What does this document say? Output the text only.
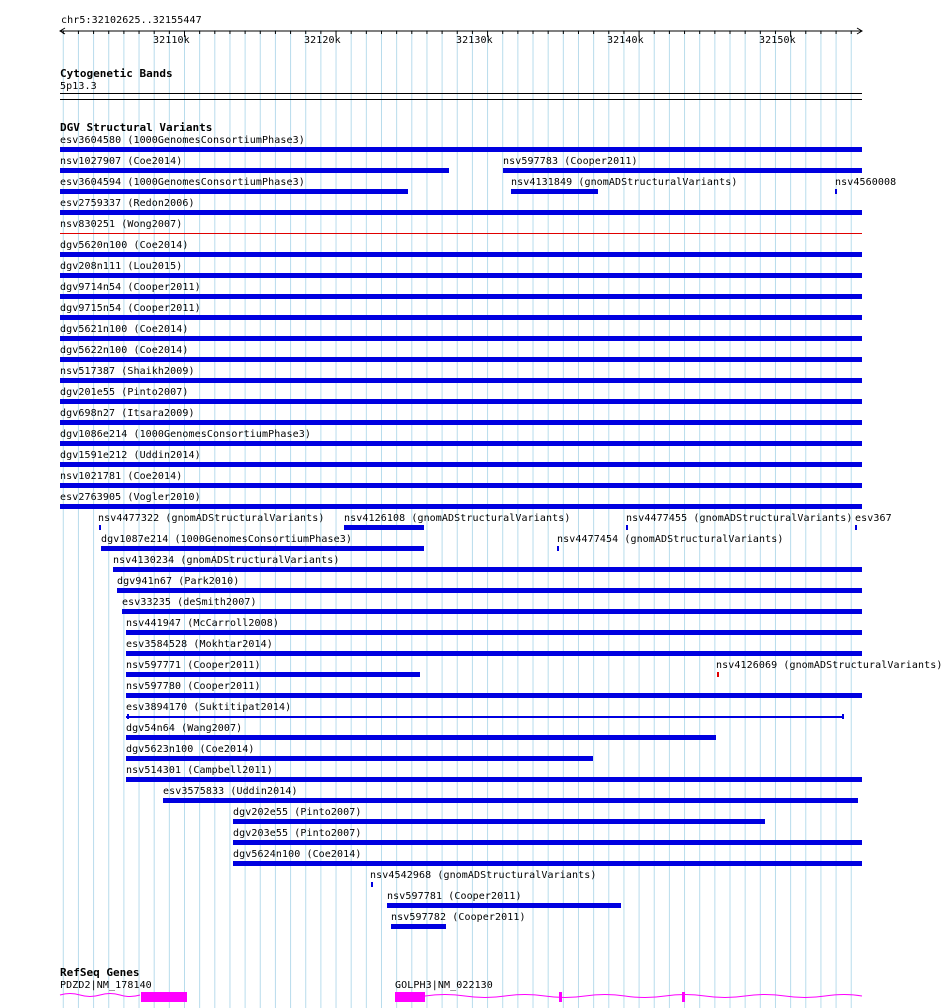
chr5:32102625..32155447
32110k	32120k	32130k	32140k	32150k
Cytogenetic Bands
5p13.3
DGV Structural Variants
esv3604580 (1000GenomesConsortiumPhase3)
nsv1027907 (Coe2014)	nsv597783 (Cooper2011)
esv3604594 (1000GenomesConsortiumPhase3)	nsv4131849 (gnomADStructuralVariants)	nsv4560008
esv2759337 (Redon2006)
nsv830251 (Wong2007)
dgv5620n100 (Coe2014)
dgv208n111 (Lou2015)
dgv9714n54 (Cooper2011)
dgv9715n54 (Cooper2011)
dgv5621n100 (Coe2014)
dgv5622n100 (Coe2014)
nsv517387 (Shaikh2009)
dgv201e55 (Pinto2007)
dgv698n27 (Itsara2009)
dgv1086e214 (1000GenomesConsortiumPhase3)
dgv1591e212 (Uddin2014)
nsv1021781 (Coe2014)
esv2763905 (Vogler2010)
nsv4477322 (gnomADStructuralVariants) nsv4126108 (gnomADStructuralVariants)	nsv4477455 (gnomADStructuralVariants) esv367
dgv1087e214 (1000GenomesConsortiumPhase3)	nsv4477454 (gnomADStructuralVariants)
nsv4130234 (gnomADStructuralVariants)
dgv941n67 (Park2010)
esv33235 (deSmith2007)
nsv441947 (McCarroll2008)
esv3584528 (Mokhtar2014)
nsv597771 (Cooper2011)	nsv4126069 (gnomADStructuralVariants)
nsv597780 (Cooper2011)
esv3894170 (Suktitipat2014)
dgv54n64 (Wang2007)
dgv5623n100 (Coe2014)
nsv514301 (Campbell2011)
esv3575833 (Uddin2014)
dgv202e55 (Pinto2007)
dgv203e55 (Pinto2007)
dgv5624n100 (Coe2014)
nsv4542968 (gnomADStructuralVariants)
nsv597781 (Cooper2011)
nsv597782 (Cooper2011)
RefSeq Genes
PDZD2|NM_178140	GOLPH3|NM_022130
